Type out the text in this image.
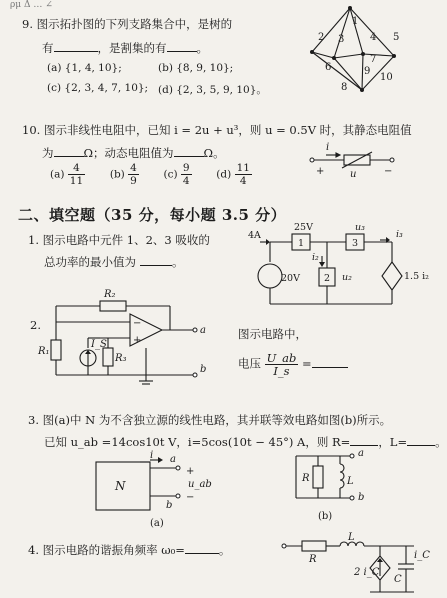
ρμ Δ … ∠
9. 图示拓扑图的下列支路集合中，是树的
有	，是割集的有	。
(a) {1, 4, 10};	(b) {8, 9, 10};
(c) {2, 3, 4, 7, 10}; (d) {2, 3, 5, 9, 10}。
1
2 3	4 5
6
7
8
9
10
10. 图示非线性电阻中，已知 i = 2u + u³，则 u = 0.5V 时，其静态电阻值
为	Ω；动态电阻值为	Ω。
$(a) \frac{4}{11} (b) \frac{4}{9} (c) \frac{9}{4} (d) \frac{11}{4}$
i
+	u	−
二、填空题（35 分，每小题 3.5 分）
1. 图示电路中元件 1、2、3 吸收的
总功率的最小值为	。
25V	u₃
i₃
4A
1	3
2
i₂
u₂
20V	1.5 i₂
2.
图示电路中，
电压 $\frac{U\_ab}{I\_s}$ =
R₂
R₁
I_S
R₃
a
b
−
+
3. 图(a)中 N 为不含独立源的线性电路，其并联等效电路如图(b)所示。
已知 u_ab =14cos10t V，i=5cos(10t − 45°) A，则 R= ，L= 。
N
i a
b
+
−
u_ab
(a)
R	L
a
b
(b)
4. 图示电路的谐振角频率 ω₀=	。
R
L
2 i_C
C
i_C
